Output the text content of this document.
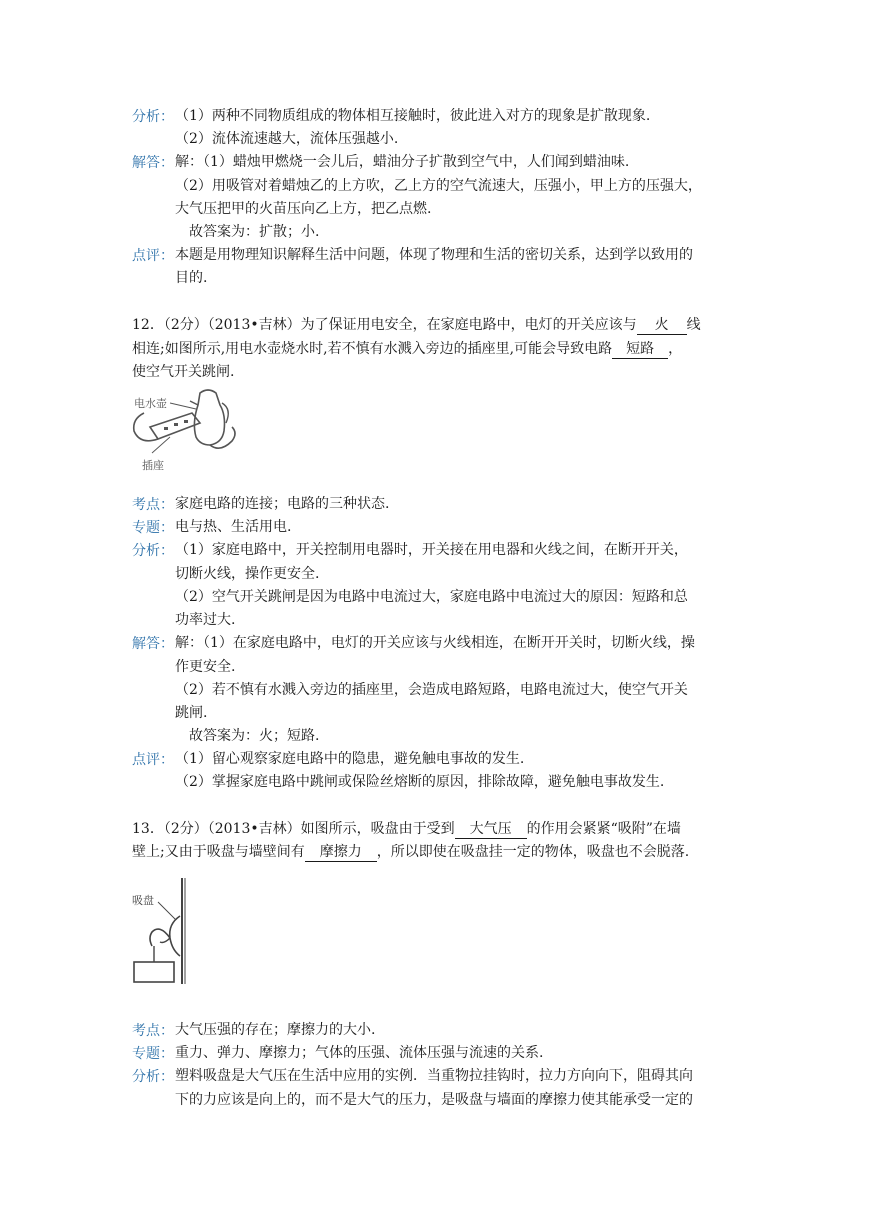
分析： （1）两种不同物质组成的物体相互接触时，彼此进入对方的现象是扩散现象.
（2）流体流速越大，流体压强越小.
解答： 解：（1）蜡烛甲燃烧一会儿后，蜡油分子扩散到空气中，人们闻到蜡油味.
（2）用吸管对着蜡烛乙的上方吹，乙上方的空气流速大，压强小，甲上方的压强大，
大气压把甲的火苗压向乙上方，把乙点燃.
故答案为：扩散；小.
点评： 本题是用物理知识解释生活中问题，体现了物理和生活的密切关系，达到学以致用的
目的.
12．（2分）（2013•吉林）为了保证用电安全，在家庭电路中，电灯的开关应该与 火 线
相连;如图所示,用电水壶烧水时,若不慎有水溅入旁边的插座里,可能会导致电路 短路 ，
使空气开关跳闸.
电水壶
插座
考点： 家庭电路的连接；电路的三种状态.
专题： 电与热、生活用电.
分析： （1）家庭电路中，开关控制用电器时，开关接在用电器和火线之间，在断开开关，
切断火线，操作更安全.
（2）空气开关跳闸是因为电路中电流过大，家庭电路中电流过大的原因：短路和总
功率过大.
解答： 解：（1）在家庭电路中，电灯的开关应该与火线相连，在断开开关时，切断火线，操
作更安全.
（2）若不慎有水溅入旁边的插座里，会造成电路短路，电路电流过大，使空气开关
跳闸.
故答案为：火；短路.
点评： （1）留心观察家庭电路中的隐患，避免触电事故的发生.
（2）掌握家庭电路中跳闸或保险丝熔断的原因，排除故障，避免触电事故发生.
13．（2分）（2013•吉林）如图所示，吸盘由于受到 大气压 的作用会紧紧“吸附”在墙
壁上;又由于吸盘与墙壁间有 摩擦力 ，所以即使在吸盘挂一定的物体，吸盘也不会脱落.
吸盘
考点： 大气压强的存在；摩擦力的大小.
专题： 重力、弹力、摩擦力；气体的压强、流体压强与流速的关系.
分析： 塑料吸盘是大气压在生活中应用的实例．当重物拉挂钩时，拉力方向向下，阻碍其向
下的力应该是向上的，而不是大气的压力，是吸盘与墙面的摩擦力使其能承受一定的
